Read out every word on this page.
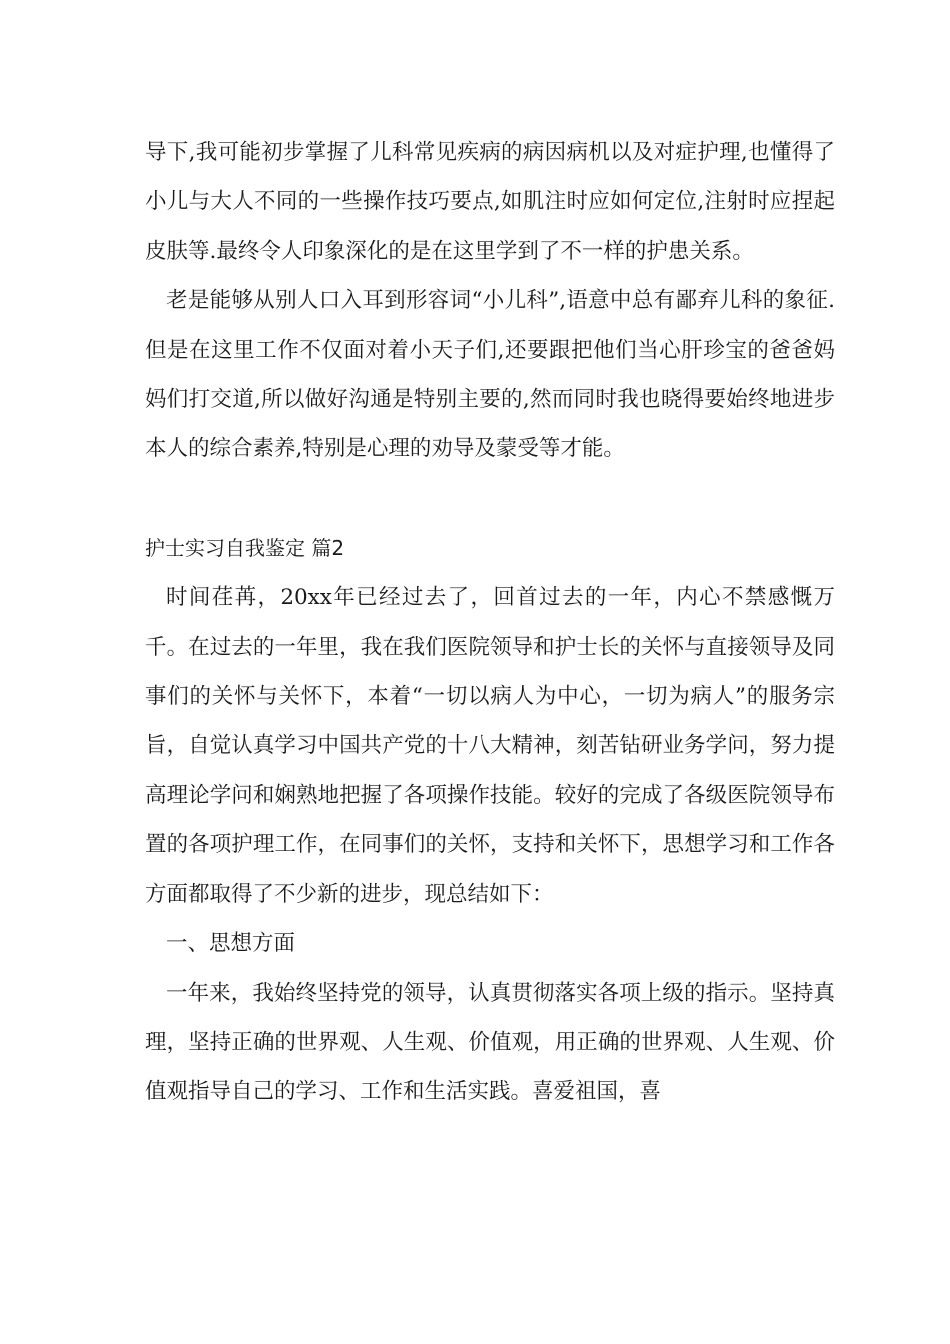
导下,我可能初步掌握了儿科常见疾病的病因病机以及对症护理,也懂得了小儿与大人不同的一些操作技巧要点,如肌注时应如何定位,注射时应捏起皮肤等.最终令人印象深化的是在这里学到了不一样的护患关系。

老是能够从别人口入耳到形容词“小儿科”,语意中总有鄙弃儿科的象征.但是在这里工作不仅面对着小天子们,还要跟把他们当心肝珍宝的爸爸妈妈们打交道,所以做好沟通是特别主要的,然而同时我也晓得要始终地进步本人的综合素养,特别是心理的劝导及蒙受等才能。

护士实习自我鉴定 篇2

时间荏苒，20xx年已经过去了，回首过去的一年，内心不禁感慨万千。在过去的一年里，我在我们医院领导和护士长的关怀与直接领导及同事们的关怀与关怀下，本着“一切以病人为中心，一切为病人”的服务宗旨，自觉认真学习中国共产党的十八大精神，刻苦钻研业务学问，努力提高理论学问和娴熟地把握了各项操作技能。较好的完成了各级医院领导布置的各项护理工作，在同事们的关怀，支持和关怀下，思想学习和工作各方面都取得了不少新的进步，现总结如下：

一、思想方面

一年来，我始终坚持党的领导，认真贯彻落实各项上级的指示。坚持真理，坚持正确的世界观、人生观、价值观，用正确的世界观、人生观、价值观指导自己的学习、工作和生活实践。喜爱祖国，喜
